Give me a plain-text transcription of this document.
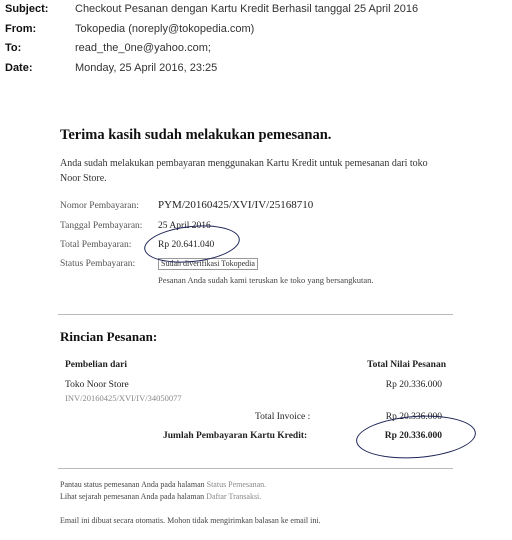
Subject: Checkout Pesanan dengan Kartu Kredit Berhasil tanggal 25 April 2016
From:	Tokopedia (noreply@tokopedia.com)
To:	read_the_0ne@yahoo.com;
Date:	Monday, 25 April 2016, 23:25
Terima kasih sudah melakukan pemesanan.
Anda sudah melakukan pembayaran menggunakan Kartu Kredit untuk pemesanan dari toko Noor Store.
Nomor Pembayaran: PYM/20160425/XVI/IV/25168710
Tanggal Pembayaran: 25 April 2016
Total Pembayaran:	Rp 20.641.040
Status Pembayaran:	Sudah diverifikasi Tokopedia
Pesanan Anda sudah kami teruskan ke toko yang bersangkutan.
Rincian Pesanan:
Pembelian dari	Total Nilai Pesanan
Toko Noor Store	Rp 20.336.000
INV/20160425/XVI/IV/34050077
Total Invoice :	Rp 20.336.000
Jumlah Pembayaran Kartu Kredit:	Rp 20.336.000
Pantau status pemesanan Anda pada halaman Status Pemesanan.
Lihat sejarah pemesanan Anda pada halaman Daftar Transaksi.
Email ini dibuat secara otomatis. Mohon tidak mengirimkan balasan ke email ini.
